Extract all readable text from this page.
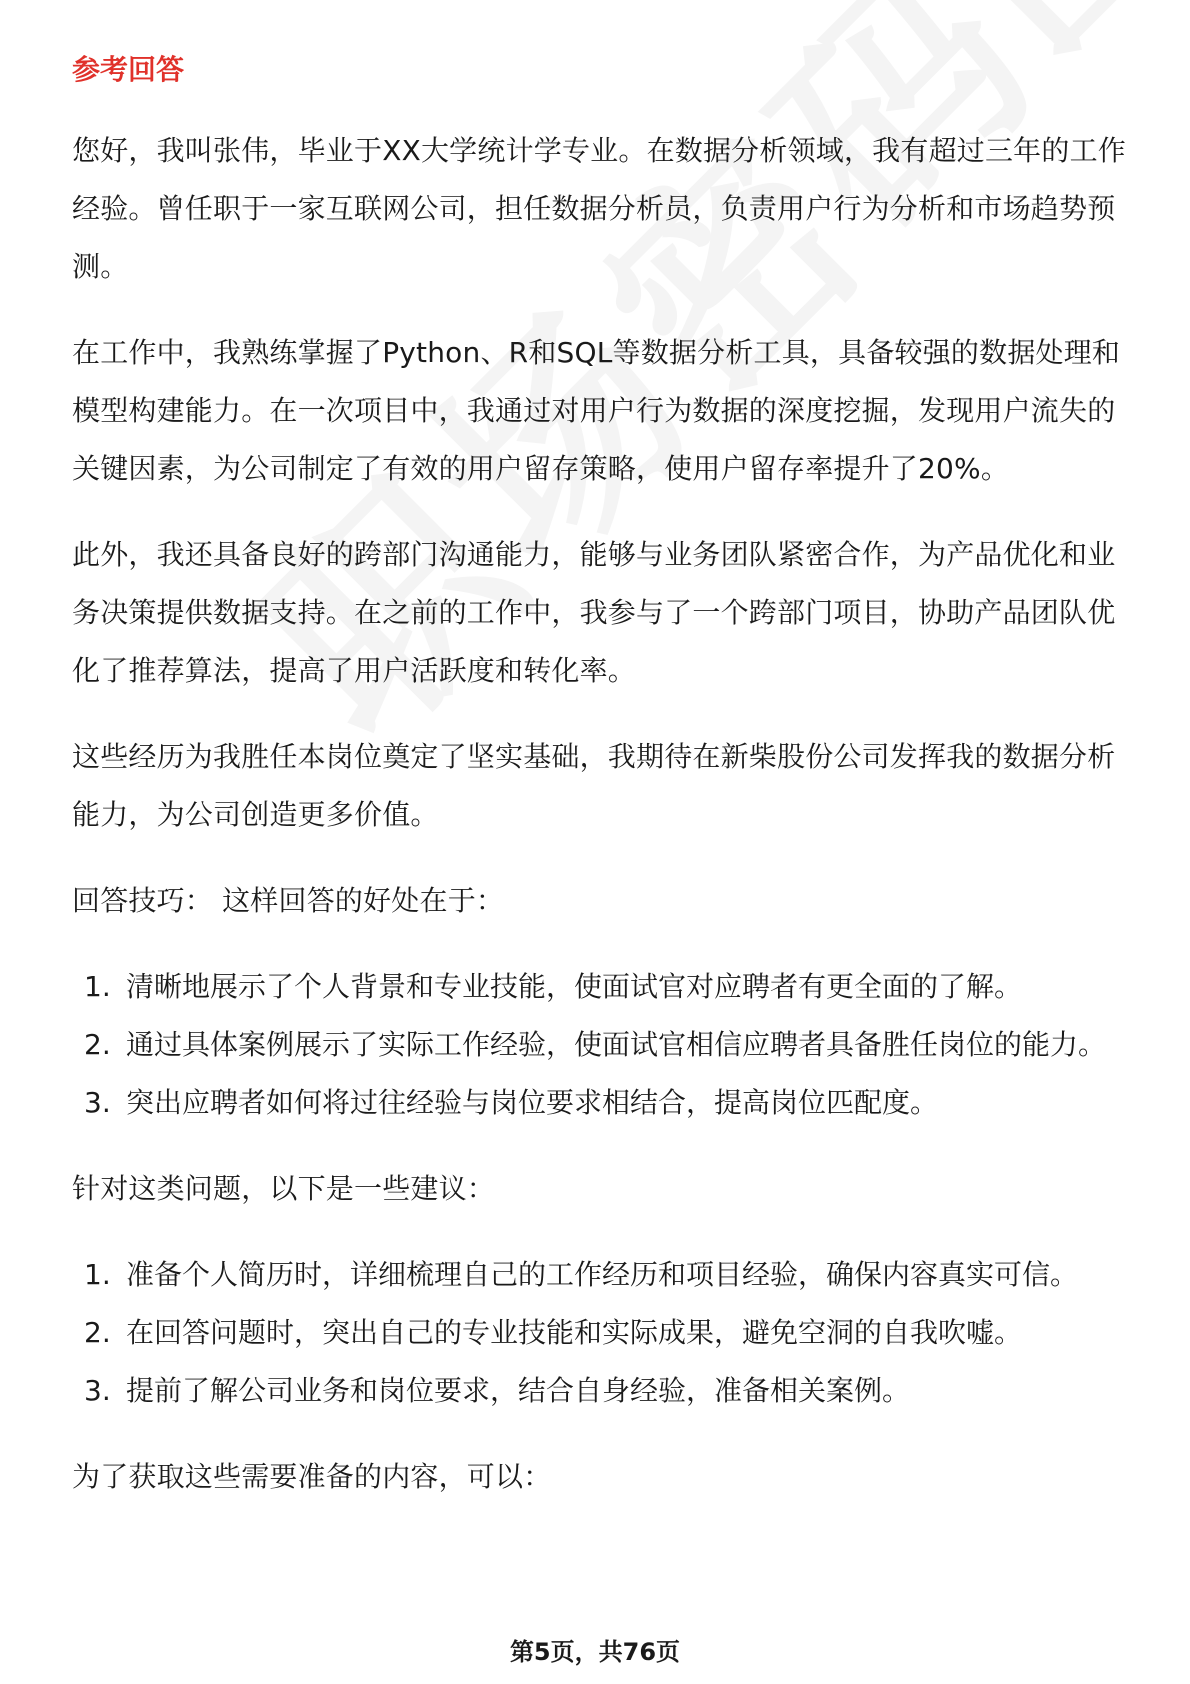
参考回答

您好，我叫张伟，毕业于XX大学统计学专业。在数据分析领域，我有超过三年的工作经验。曾任职于一家互联网公司，担任数据分析员，负责用户行为分析和市场趋势预测。

在工作中，我熟练掌握了Python、R和SQL等数据分析工具，具备较强的数据处理和模型构建能力。在一次项目中，我通过对用户行为数据的深度挖掘，发现用户流失的关键因素，为公司制定了有效的用户留存策略，使用户留存率提升了20%。

此外，我还具备良好的跨部门沟通能力，能够与业务团队紧密合作，为产品优化和业务决策提供数据支持。在之前的工作中，我参与了一个跨部门项目，协助产品团队优化了推荐算法，提高了用户活跃度和转化率。

这些经历为我胜任本岗位奠定了坚实基础，我期待在新柴股份公司发挥我的数据分析能力，为公司创造更多价值。

回答技巧： 这样回答的好处在于：

1. 清晰地展示了个人背景和专业技能，使面试官对应聘者有更全面的了解。
2. 通过具体案例展示了实际工作经验，使面试官相信应聘者具备胜任岗位的能力。
3. 突出应聘者如何将过往经验与岗位要求相结合，提高岗位匹配度。

针对这类问题，以下是一些建议：

1. 准备个人简历时，详细梳理自己的工作经历和项目经验，确保内容真实可信。
2. 在回答问题时，突出自己的专业技能和实际成果，避免空洞的自我吹嘘。
3. 提前了解公司业务和岗位要求，结合自身经验，准备相关案例。

为了获取这些需要准备的内容，可以：

第5页，共76页
